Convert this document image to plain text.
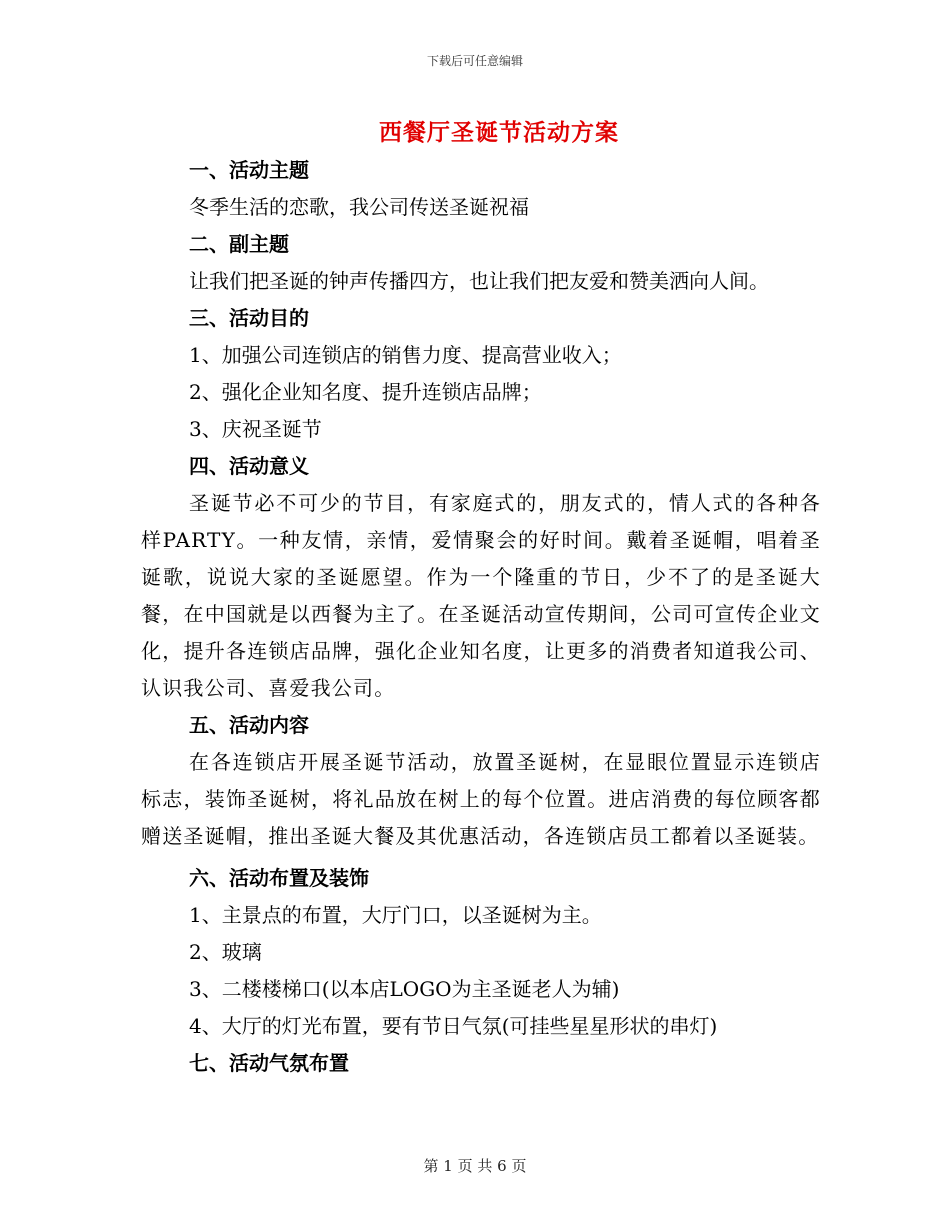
下载后可任意编辑
西餐厅圣诞节活动方案
一、活动主题
冬季生活的恋歌，我公司传送圣诞祝福
二、副主题
让我们把圣诞的钟声传播四方，也让我们把友爱和赞美洒向人间。
三、活动目的
1、加强公司连锁店的销售力度、提高营业收入；
2、强化企业知名度、提升连锁店品牌；
3、庆祝圣诞节
四、活动意义
圣诞节必不可少的节目，有家庭式的，朋友式的，情人式的各种各样PARTY。一种友情，亲情，爱情聚会的好时间。戴着圣诞帽，唱着圣诞歌，说说大家的圣诞愿望。作为一个隆重的节日，少不了的是圣诞大餐，在中国就是以西餐为主了。在圣诞活动宣传期间，公司可宣传企业文化，提升各连锁店品牌，强化企业知名度，让更多的消费者知道我公司、认识我公司、喜爱我公司。
五、活动内容
在各连锁店开展圣诞节活动，放置圣诞树，在显眼位置显示连锁店标志，装饰圣诞树，将礼品放在树上的每个位置。进店消费的每位顾客都赠送圣诞帽，推出圣诞大餐及其优惠活动，各连锁店员工都着以圣诞装。
六、活动布置及装饰
1、主景点的布置，大厅门口，以圣诞树为主。
2、玻璃
3、二楼楼梯口(以本店LOGO为主圣诞老人为辅)
4、大厅的灯光布置，要有节日气氛(可挂些星星形状的串灯)
七、活动气氛布置
第 1 页 共 6 页
